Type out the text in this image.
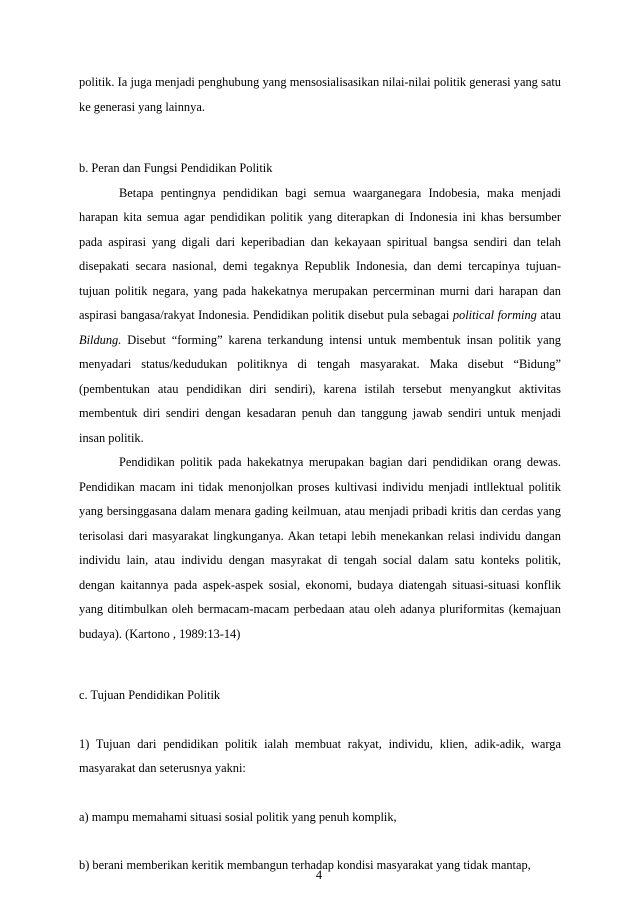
politik. Ia juga menjadi penghubung yang mensosialisasikan nilai-nilai politik generasi yang satu ke generasi yang lainnya.

b. Peran dan Fungsi Pendidikan Politik

Betapa pentingnya pendidikan bagi semua waarganegara Indobesia, maka menjadi harapan kita semua agar pendidikan politik yang diterapkan di Indonesia ini khas bersumber pada aspirasi yang digali dari keperibadian dan kekayaan spiritual bangsa sendiri dan telah disepakati secara nasional, demi tegaknya Republik Indonesia, dan demi tercapinya tujuan-tujuan politik negara, yang pada hakekatnya merupakan percerminan murni dari harapan dan aspirasi bangasa/rakyat Indonesia. Pendidikan politik disebut pula sebagai political forming atau Bildung. Disebut “forming” karena terkandung intensi untuk membentuk insan politik yang menyadari status/kedudukan politiknya di tengah masyarakat. Maka disebut “Bidung” (pembentukan atau pendidikan diri sendiri), karena istilah tersebut menyangkut aktivitas membentuk diri sendiri dengan kesadaran penuh dan tanggung jawab sendiri untuk menjadi insan politik.

Pendidikan politik pada hakekatnya merupakan bagian dari pendidikan orang dewas. Pendidikan macam ini tidak menonjolkan proses kultivasi individu menjadi intllektual politik yang bersinggasana dalam menara gading keilmuan, atau menjadi pribadi kritis dan cerdas yang terisolasi dari masyarakat lingkunganya. Akan tetapi lebih menekankan relasi individu dangan individu lain, atau individu dengan masyrakat di tengah social dalam satu konteks politik, dengan kaitannya pada aspek-aspek sosial, ekonomi, budaya diatengah situasi-situasi konflik yang ditimbulkan oleh bermacam-macam perbedaan atau oleh adanya pluriformitas (kemajuan budaya). (Kartono , 1989:13-14)

c. Tujuan Pendidikan Politik

1) Tujuan dari pendidikan politik ialah membuat rakyat, individu, klien, adik-adik, warga masyarakat dan seterusnya yakni:

a) mampu memahami situasi sosial politik yang penuh komplik,

b) berani memberikan keritik membangun terhadap kondisi masyarakat yang tidak mantap,

4
